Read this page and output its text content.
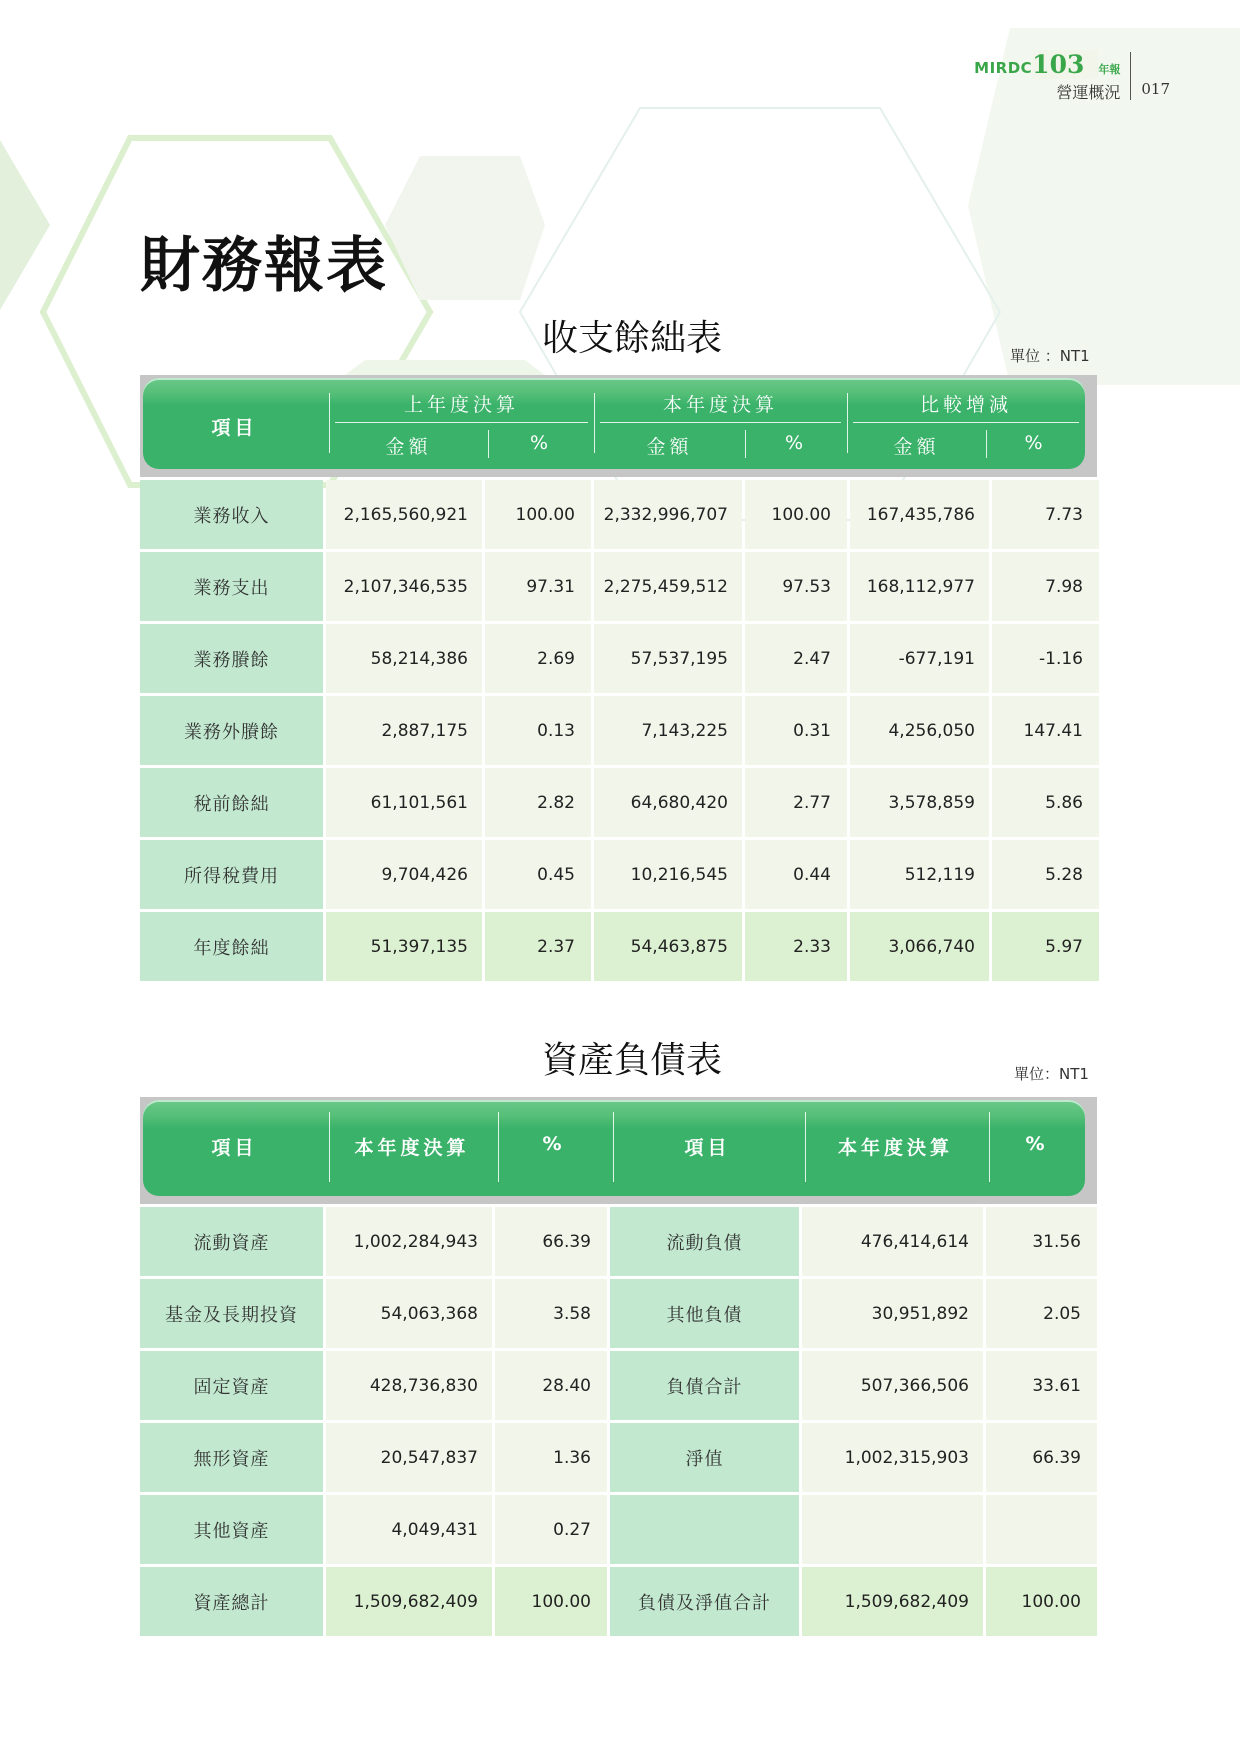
MIRDC103 年報
營運概況	017
財務報表
收支餘絀表	單位 ：NT1
項目
上年度決算
金額	%
本年度決算
金額	%
比較增減
金額	%
業務收入	2,165,560,921	100.00	2,332,996,707	100.00	167,435,786	7.73
業務支出	2,107,346,535	97.31	2,275,459,512	97.53	168,112,977	7.98
業務賸餘	58,214,386	2.69	57,537,195	2.47	-677,191	-1.16
業務外賸餘	2,887,175	0.13	7,143,225	0.31	4,256,050	147.41
稅前餘絀	61,101,561	2.82	64,680,420	2.77	3,578,859	5.86
所得稅費用	9,704,426	0.45	10,216,545	0.44	512,119	5.28
年度餘絀	51,397,135	2.37	54,463,875	2.33	3,066,740	5.97
資產負債表	單位：NT1
項目	本年度決算	%	項目	本年度決算	%
流動資產	1,002,284,943	66.39	流動負債	476,414,614	31.56
基金及長期投資	54,063,368	3.58	其他負債	30,951,892	2.05
固定資產	428,736,830	28.40	負債合計	507,366,506	33.61
無形資產	20,547,837	1.36	淨值	1,002,315,903	66.39
其他資產	4,049,431	0.27
資產總計	1,509,682,409	100.00	負債及淨值合計	1,509,682,409	100.00
